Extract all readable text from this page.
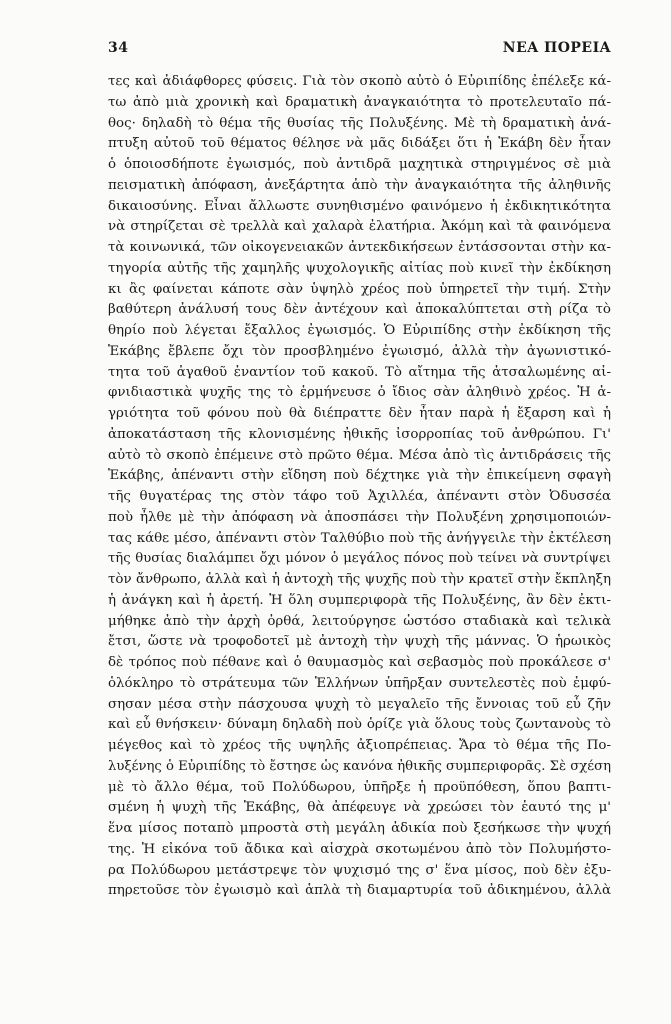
34	ΝΕΑ ΠΟΡΕΙΑ
τες καὶ ἀδιάφθορες φύσεις. Γιὰ τὸν σκοπὸ αὐτὸ ὁ Εὐριπίδης ἐπέλεξε κά-
τω ἀπὸ μιὰ χρονικὴ καὶ δραματικὴ ἀναγκαιότητα τὸ προτελευταῖο πά-
θος· δηλαδὴ τὸ θέμα τῆς θυσίας τῆς Πολυξένης. Μὲ τὴ δραματικὴ ἀνά-
πτυξη αὐτοῦ τοῦ θέματος θέλησε νὰ μᾶς διδάξει ὅτι ἡ Ἑκάβη δὲν ἦταν
ὁ ὁποιοσδήποτε ἐγωισμός, ποὺ ἀντιδρᾶ μαχητικὰ στηριγμένος σὲ μιὰ
πεισματικὴ ἀπόφαση, ἀνεξάρτητα ἀπὸ τὴν ἀναγκαιότητα τῆς ἀληθινῆς
δικαιοσύνης. Εἶναι ἄλλωστε συνηθισμένο φαινόμενο ἡ ἐκδικητικότητα
νὰ στηρίζεται σὲ τρελλὰ καὶ χαλαρὰ ἐλατήρια. Ἀκόμη καὶ τὰ φαινόμενα
τὰ κοινωνικά, τῶν οἰκογενειακῶν ἀντεκδικήσεων ἐντάσσονται στὴν κα-
τηγορία αὐτῆς τῆς χαμηλῆς ψυχολογικῆς αἰτίας ποὺ κινεῖ τὴν ἐκδίκηση
κι ἂς φαίνεται κάποτε σὰν ὑψηλὸ χρέος ποὺ ὑπηρετεῖ τὴν τιμή. Στὴν
βαθύτερη ἀνάλυσή τους δὲν ἀντέχουν καὶ ἀποκαλύπτεται στὴ ρίζα τὸ
θηρίο ποὺ λέγεται ἔξαλλος ἐγωισμός. Ὁ Εὐριπίδης στὴν ἐκδίκηση τῆς
Ἑκάβης ἔβλεπε ὄχι τὸν προσβλημένο ἐγωισμό, ἀλλὰ τὴν ἀγωνιστικό-
τητα τοῦ ἀγαθοῦ ἐναντίον τοῦ κακοῦ. Τὸ αἴτημα τῆς ἀτσαλωμένης αἰ-
φνιδιαστικὰ ψυχῆς της τὸ ἑρμήνευσε ὁ ἴδιος σὰν ἀληθινὸ χρέος. Ἡ ἀ-
γριότητα τοῦ φόνου ποὺ θὰ διέπραττε δὲν ἦταν παρὰ ἡ ἔξαρση καὶ ἡ
ἀποκατάσταση τῆς κλονισμένης ἠθικῆς ἰσορροπίας τοῦ ἀνθρώπου. Γι'
αὐτὸ τὸ σκοπὸ ἐπέμεινε στὸ πρῶτο θέμα. Μέσα ἀπὸ τὶς ἀντιδράσεις τῆς
Ἑκάβης, ἀπέναντι στὴν εἴδηση ποὺ δέχτηκε γιὰ τὴν ἐπικείμενη σφαγὴ
τῆς θυγατέρας της στὸν τάφο τοῦ Ἀχιλλέα, ἀπέναντι στὸν Ὀδυσσέα
ποὺ ἦλθε μὲ τὴν ἀπόφαση νὰ ἀποσπάσει τὴν Πολυξένη χρησιμοποιών-
τας κάθε μέσο, ἀπέναντι στὸν Ταλθύβιο ποὺ τῆς ἀνήγγειλε τὴν ἐκτέλεση
τῆς θυσίας διαλάμπει ὄχι μόνον ὁ μεγάλος πόνος ποὺ τείνει νὰ συντρίψει
τὸν ἄνθρωπο, ἀλλὰ καὶ ἡ ἀντοχὴ τῆς ψυχῆς ποὺ τὴν κρατεῖ στὴν ἔκπληξη
ἡ ἀνάγκη καὶ ἡ ἀρετή. Ἡ ὅλη συμπεριφορὰ τῆς Πολυξένης, ἂν δὲν ἐκτι-
μήθηκε ἀπὸ τὴν ἀρχὴ ὀρθά, λειτούργησε ὡστόσο σταδιακὰ καὶ τελικὰ
ἔτσι, ὥστε νὰ τροφοδοτεῖ μὲ ἀντοχὴ τὴν ψυχὴ τῆς μάννας. Ὁ ἡρωικὸς
δὲ τρόπος ποὺ πέθανε καὶ ὁ θαυμασμὸς καὶ σεβασμὸς ποὺ προκάλεσε σ'
ὁλόκληρο τὸ στράτευμα τῶν Ἑλλήνων ὑπῆρξαν συντελεστὲς ποὺ ἐμφύ-
σησαν μέσα στὴν πάσχουσα ψυχὴ τὸ μεγαλεῖο τῆς ἔννοιας τοῦ εὖ ζῆν
καὶ εὖ θνήσκειν· δύναμη δηλαδὴ ποὺ ὁρίζε γιὰ ὅλους τοὺς ζωντανοὺς τὸ
μέγεθος καὶ τὸ χρέος τῆς υψηλῆς ἀξιοπρέπειας. Ἄρα τὸ θέμα τῆς Πο-
λυξένης ὁ Εὐριπίδης τὸ ἔστησε ὡς κανόνα ἠθικῆς συμπεριφορᾶς. Σὲ σχέση
μὲ τὸ ἄλλο θέμα, τοῦ Πολύδωρου, ὑπῆρξε ἡ προϋπόθεση, ὅπου βαπτι-
σμένη ἡ ψυχὴ τῆς Ἑκάβης, θὰ ἀπέφευγε νὰ χρεώσει τὸν ἑαυτό της μ'
ἕνα μίσος ποταπὸ μπροστὰ στὴ μεγάλη ἀδικία ποὺ ξεσήκωσε τὴν ψυχή
της. Ἡ εἰκόνα τοῦ ἄδικα καὶ αἰσχρὰ σκοτωμένου ἀπὸ τὸν Πολυμήστο-
ρα Πολύδωρου μετάστρεψε τὸν ψυχισμό της σ' ἕνα μίσος, ποὺ δὲν ἐξυ-
πηρετοῦσε τὸν ἐγωισμὸ καὶ ἁπλὰ τὴ διαμαρτυρία τοῦ ἀδικημένου, ἀλλὰ
